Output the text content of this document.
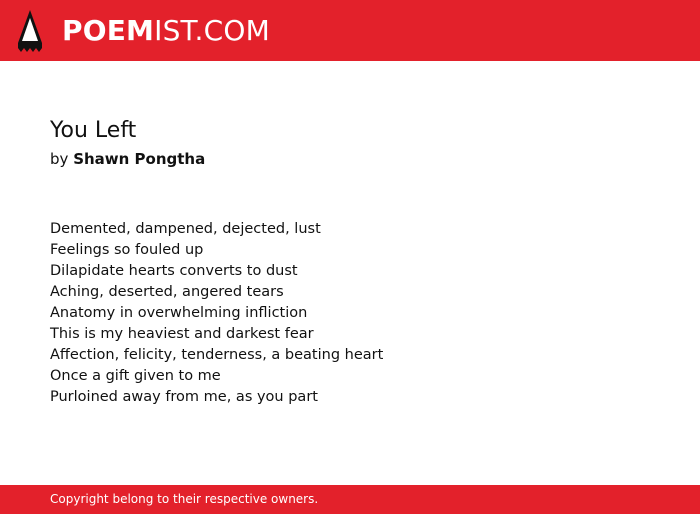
POEMIST.COM
You Left
by Shawn Pongtha
Demented, dampened, dejected, lust
Feelings so fouled up
Dilapidate hearts converts to dust
Aching, deserted, angered tears
Anatomy in overwhelming infliction
This is my heaviest and darkest fear
Affection, felicity, tenderness, a beating heart
Once a gift given to me
Purloined away from me, as you part
Copyright belong to their respective owners.
